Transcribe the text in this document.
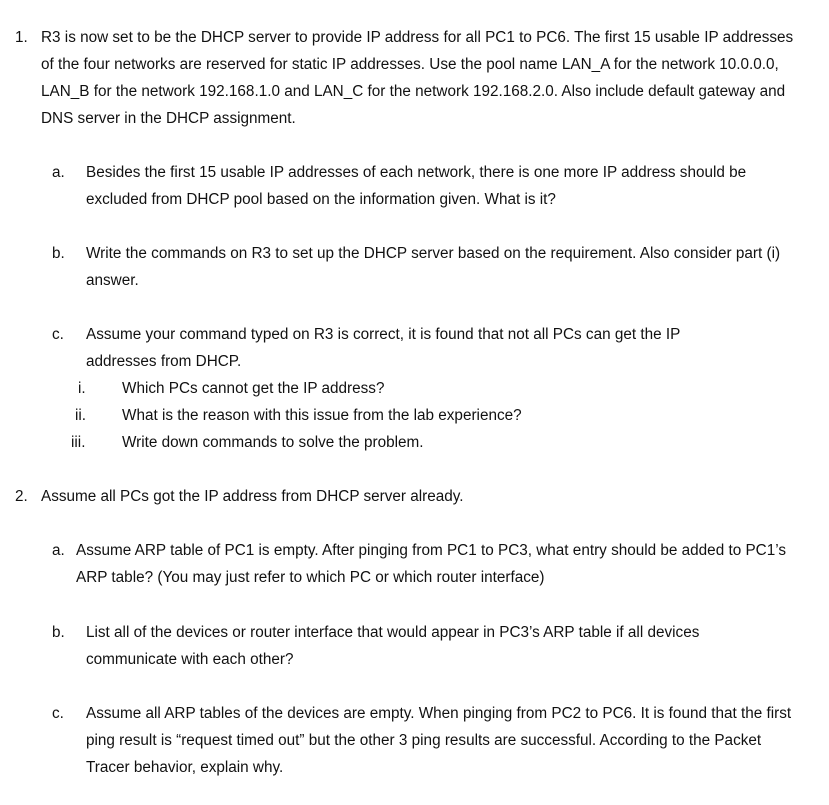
1. R3 is now set to be the DHCP server to provide IP address for all PC1 to PC6. The first 15 usable IP addresses of the four networks are reserved for static IP addresses. Use the pool name LAN_A for the network 10.0.0.0, LAN_B for the network 192.168.1.0 and LAN_C for the network 192.168.2.0. Also include default gateway and DNS server in the DHCP assignment.
a. Besides the first 15 usable IP addresses of each network, there is one more IP address should be excluded from DHCP pool based on the information given. What is it?
b. Write the commands on R3 to set up the DHCP server based on the requirement. Also consider part (i) answer.
c. Assume your command typed on R3 is correct, it is found that not all PCs can get the IP addresses from DHCP.
i. Which PCs cannot get the IP address?
ii. What is the reason with this issue from the lab experience?
iii. Write down commands to solve the problem.
2. Assume all PCs got the IP address from DHCP server already.
a. Assume ARP table of PC1 is empty. After pinging from PC1 to PC3, what entry should be added to PC1’s ARP table? (You may just refer to which PC or which router interface)
b. List all of the devices or router interface that would appear in PC3’s ARP table if all devices communicate with each other?
c. Assume all ARP tables of the devices are empty. When pinging from PC2 to PC6. It is found that the first ping result is “request timed out” but the other 3 ping results are successful. According to the Packet Tracer behavior, explain why.
